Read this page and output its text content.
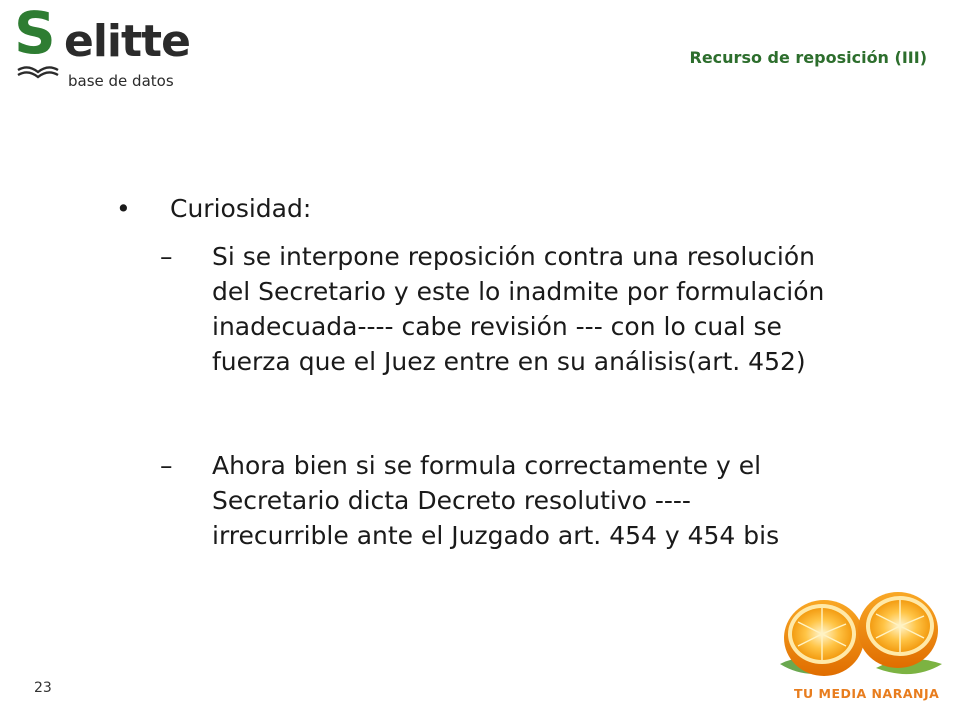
S elitte
base de datos
Recurso de reposición (III)
• Curiosidad:
– Si se interpone reposición contra una resolución
del Secretario y este lo inadmite por formulación
inadecuada---- cabe revisión --- con lo cual se
fuerza que el Juez entre en su análisis(art. 452)
– Ahora bien si se formula correctamente y el
Secretario dicta Decreto resolutivo ----
irrecurrible ante el Juzgado art. 454 y 454 bis
23	TU MEDIA NARANJA
